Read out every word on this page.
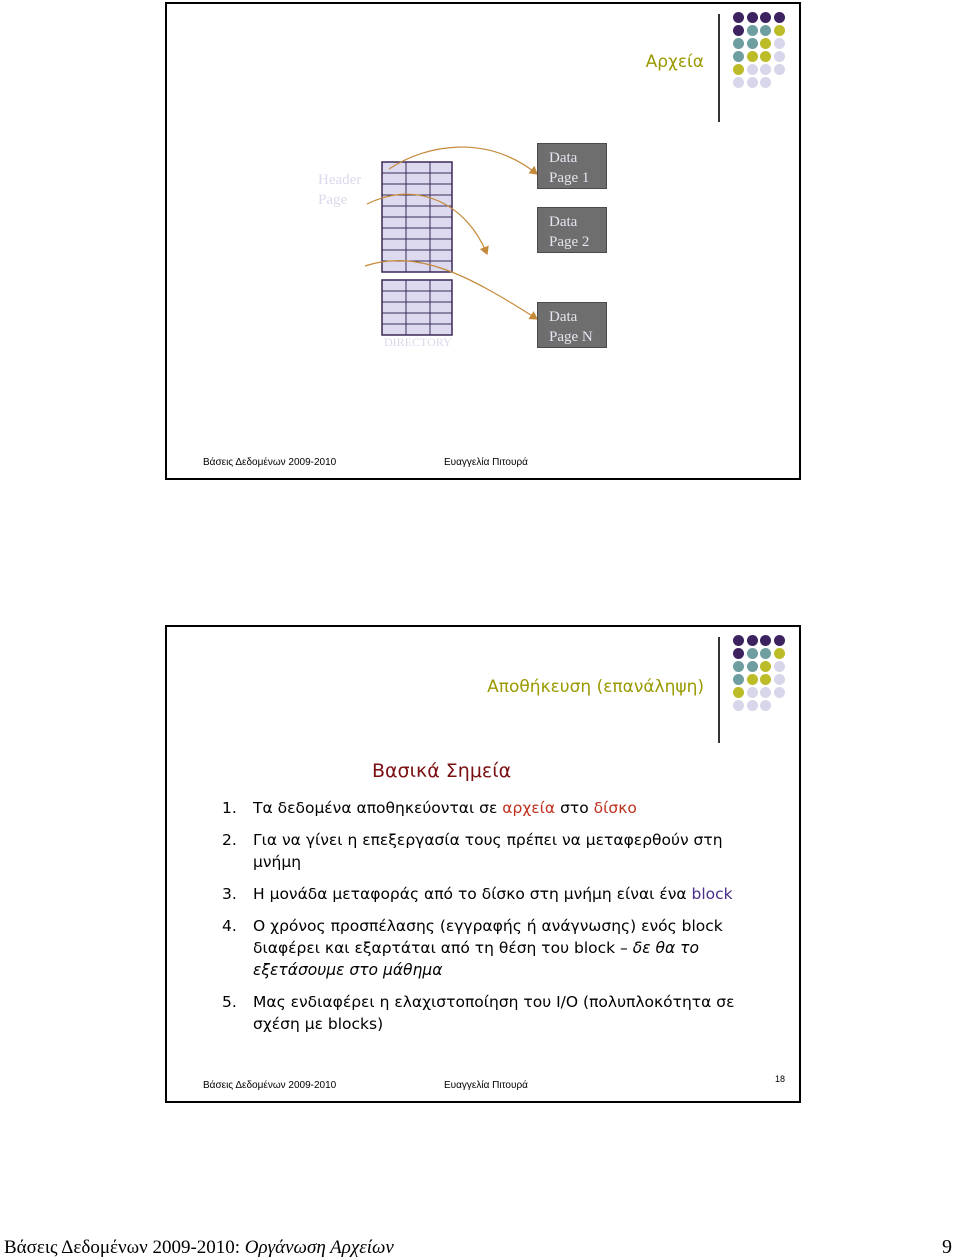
Αρχεία
Header
Page
DIRECTORY
Data
Page 1
Data
Page 2
Data
Page N
Βάσεις Δεδομένων 2009-2010	Ευαγγελία Πιτουρά
Αποθήκευση (επανάληψη)
Βασικά Σημεία
1. Τα δεδομένα αποθηκεύονται σε αρχεία στο δίσκο
2. Για να γίνει η επεξεργασία τους πρέπει να μεταφερθούν στη μνήμη
3. Η μονάδα μεταφοράς από το δίσκο στη μνήμη είναι ένα block
4. Ο χρόνος προσπέλασης (εγγραφής ή ανάγνωσης) ενός block διαφέρει και εξαρτάται από τη θέση του block – δε θα το εξετάσουμε στο μάθημα
5. Μας ενδιαφέρει η ελαχιστοποίηση του I/O (πολυπλοκότητα σε σχέση με blocks)
Βάσεις Δεδομένων 2009-2010	Ευαγγελία Πιτουρά
18
Βάσεις Δεδομένων 2009-2010: Οργάνωση Αρχείων	9
